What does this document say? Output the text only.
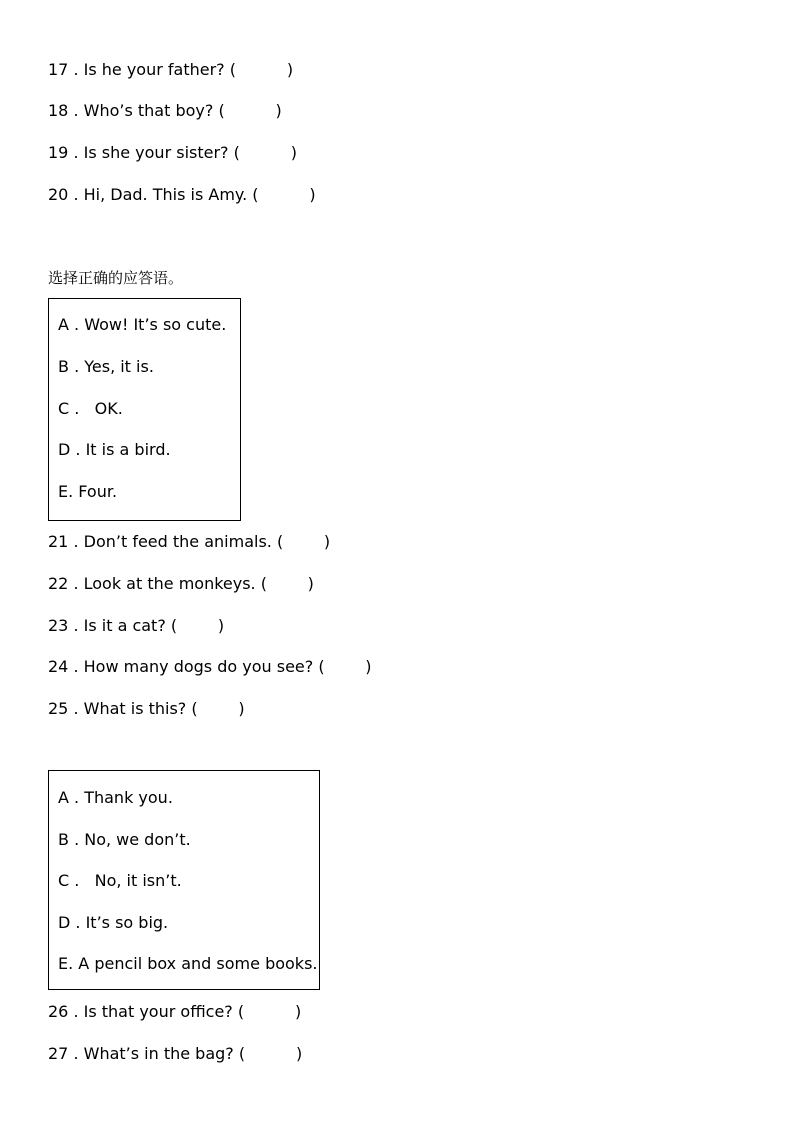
17 . Is he your father? (          )
18 . Who’s that boy? (          )
19 . Is she your sister? (          )
20 . Hi, Dad. This is Amy. (          )
选择正确的应答语。
A . Wow! It’s so cute.
B . Yes, it is.
C .   OK.
D . It is a bird.
E. Four.
21 . Don’t feed the animals. (        )
22 . Look at the monkeys. (        )
23 . Is it a cat? (        )
24 . How many dogs do you see? (        )
25 . What is this? (        )
A . Thank you.
B . No, we don’t.
C .   No, it isn’t.
D . It’s so big.
E. A pencil box and some books.
26 . Is that your office? (          )
27 . What’s in the bag? (          )
